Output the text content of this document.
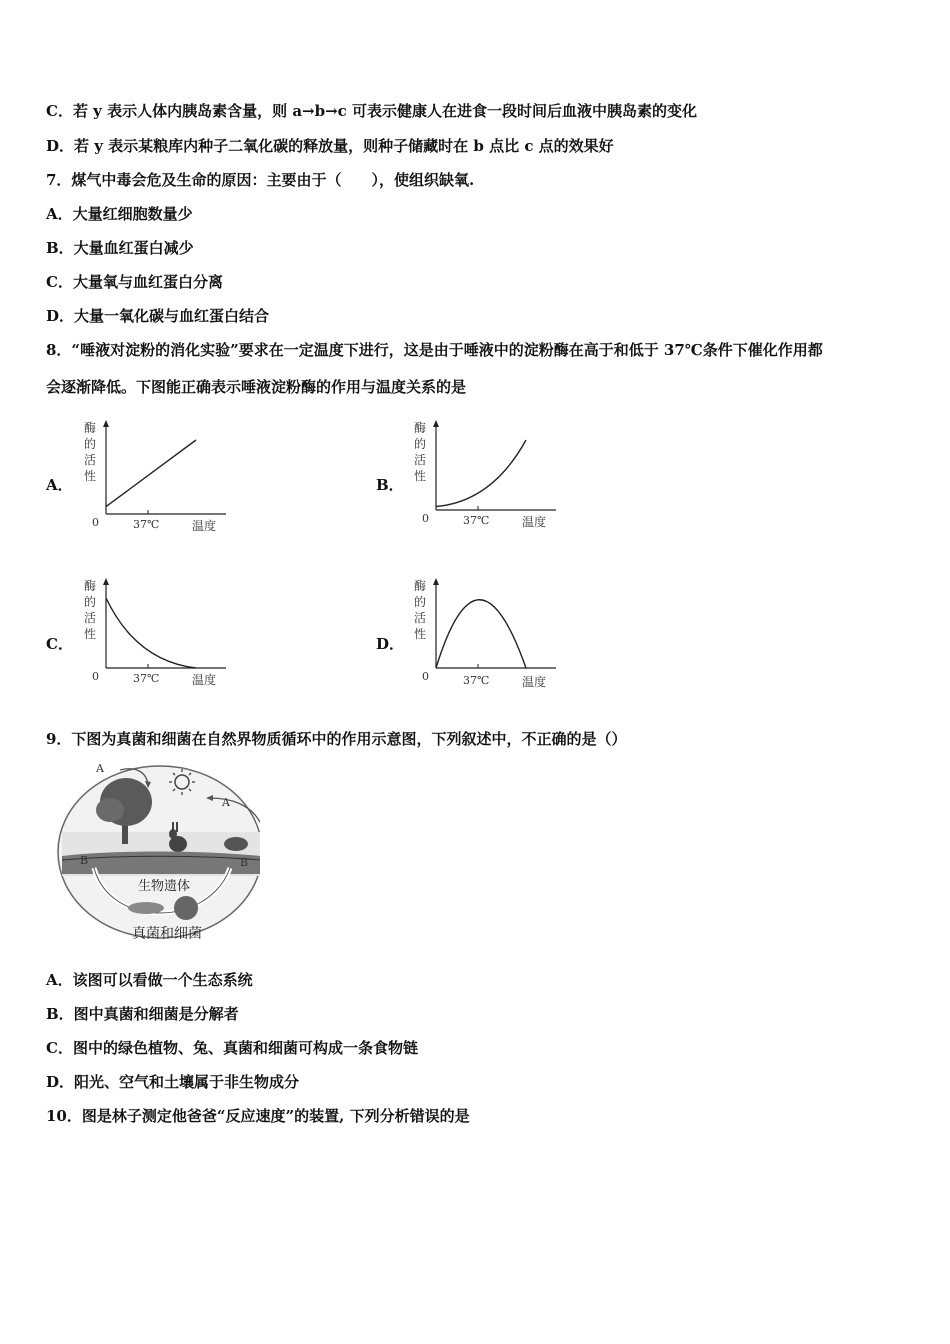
C．若 y 表示人体内胰岛素含量，则 a→b→c 可表示健康人在进食一段时间后血液中胰岛素的变化
D．若 y 表示某粮库内种子二氧化碳的释放量，则种子储藏时在 b 点比 c 点的效果好
7．煤气中毒会危及生命的原因：主要由于（　　），使组织缺氧.
A．大量红细胞数量少
B．大量血红蛋白减少
C．大量氧与血红蛋白分离
D．大量一氧化碳与血红蛋白结合
8．“唾液对淀粉的消化实验”要求在一定温度下进行，这是由于唾液中的淀粉酶在高于和低于 37℃条件下催化作用都
会逐渐降低。下图能正确表示唾液淀粉酶的作用与温度关系的是
A．	B．
C．	D．
酶
的
活
性
0	37℃	温度
酶
的
活
性
0	37℃	温度
酶
的
活
性
0	37℃	温度
酶
的
活
性
0	37℃	温度
9．下图为真菌和细菌在自然界物质循环中的作用示意图，下列叙述中，不正确的是（）
A
A
B	B
生物遗体
真菌和细菌
A．该图可以看做一个生态系统
B．图中真菌和细菌是分解者
C．图中的绿色植物、兔、真菌和细菌可构成一条食物链
D．阳光、空气和土壤属于非生物成分
10．图是林子测定他爸爸“反应速度”的装置, 下列分析错误的是
